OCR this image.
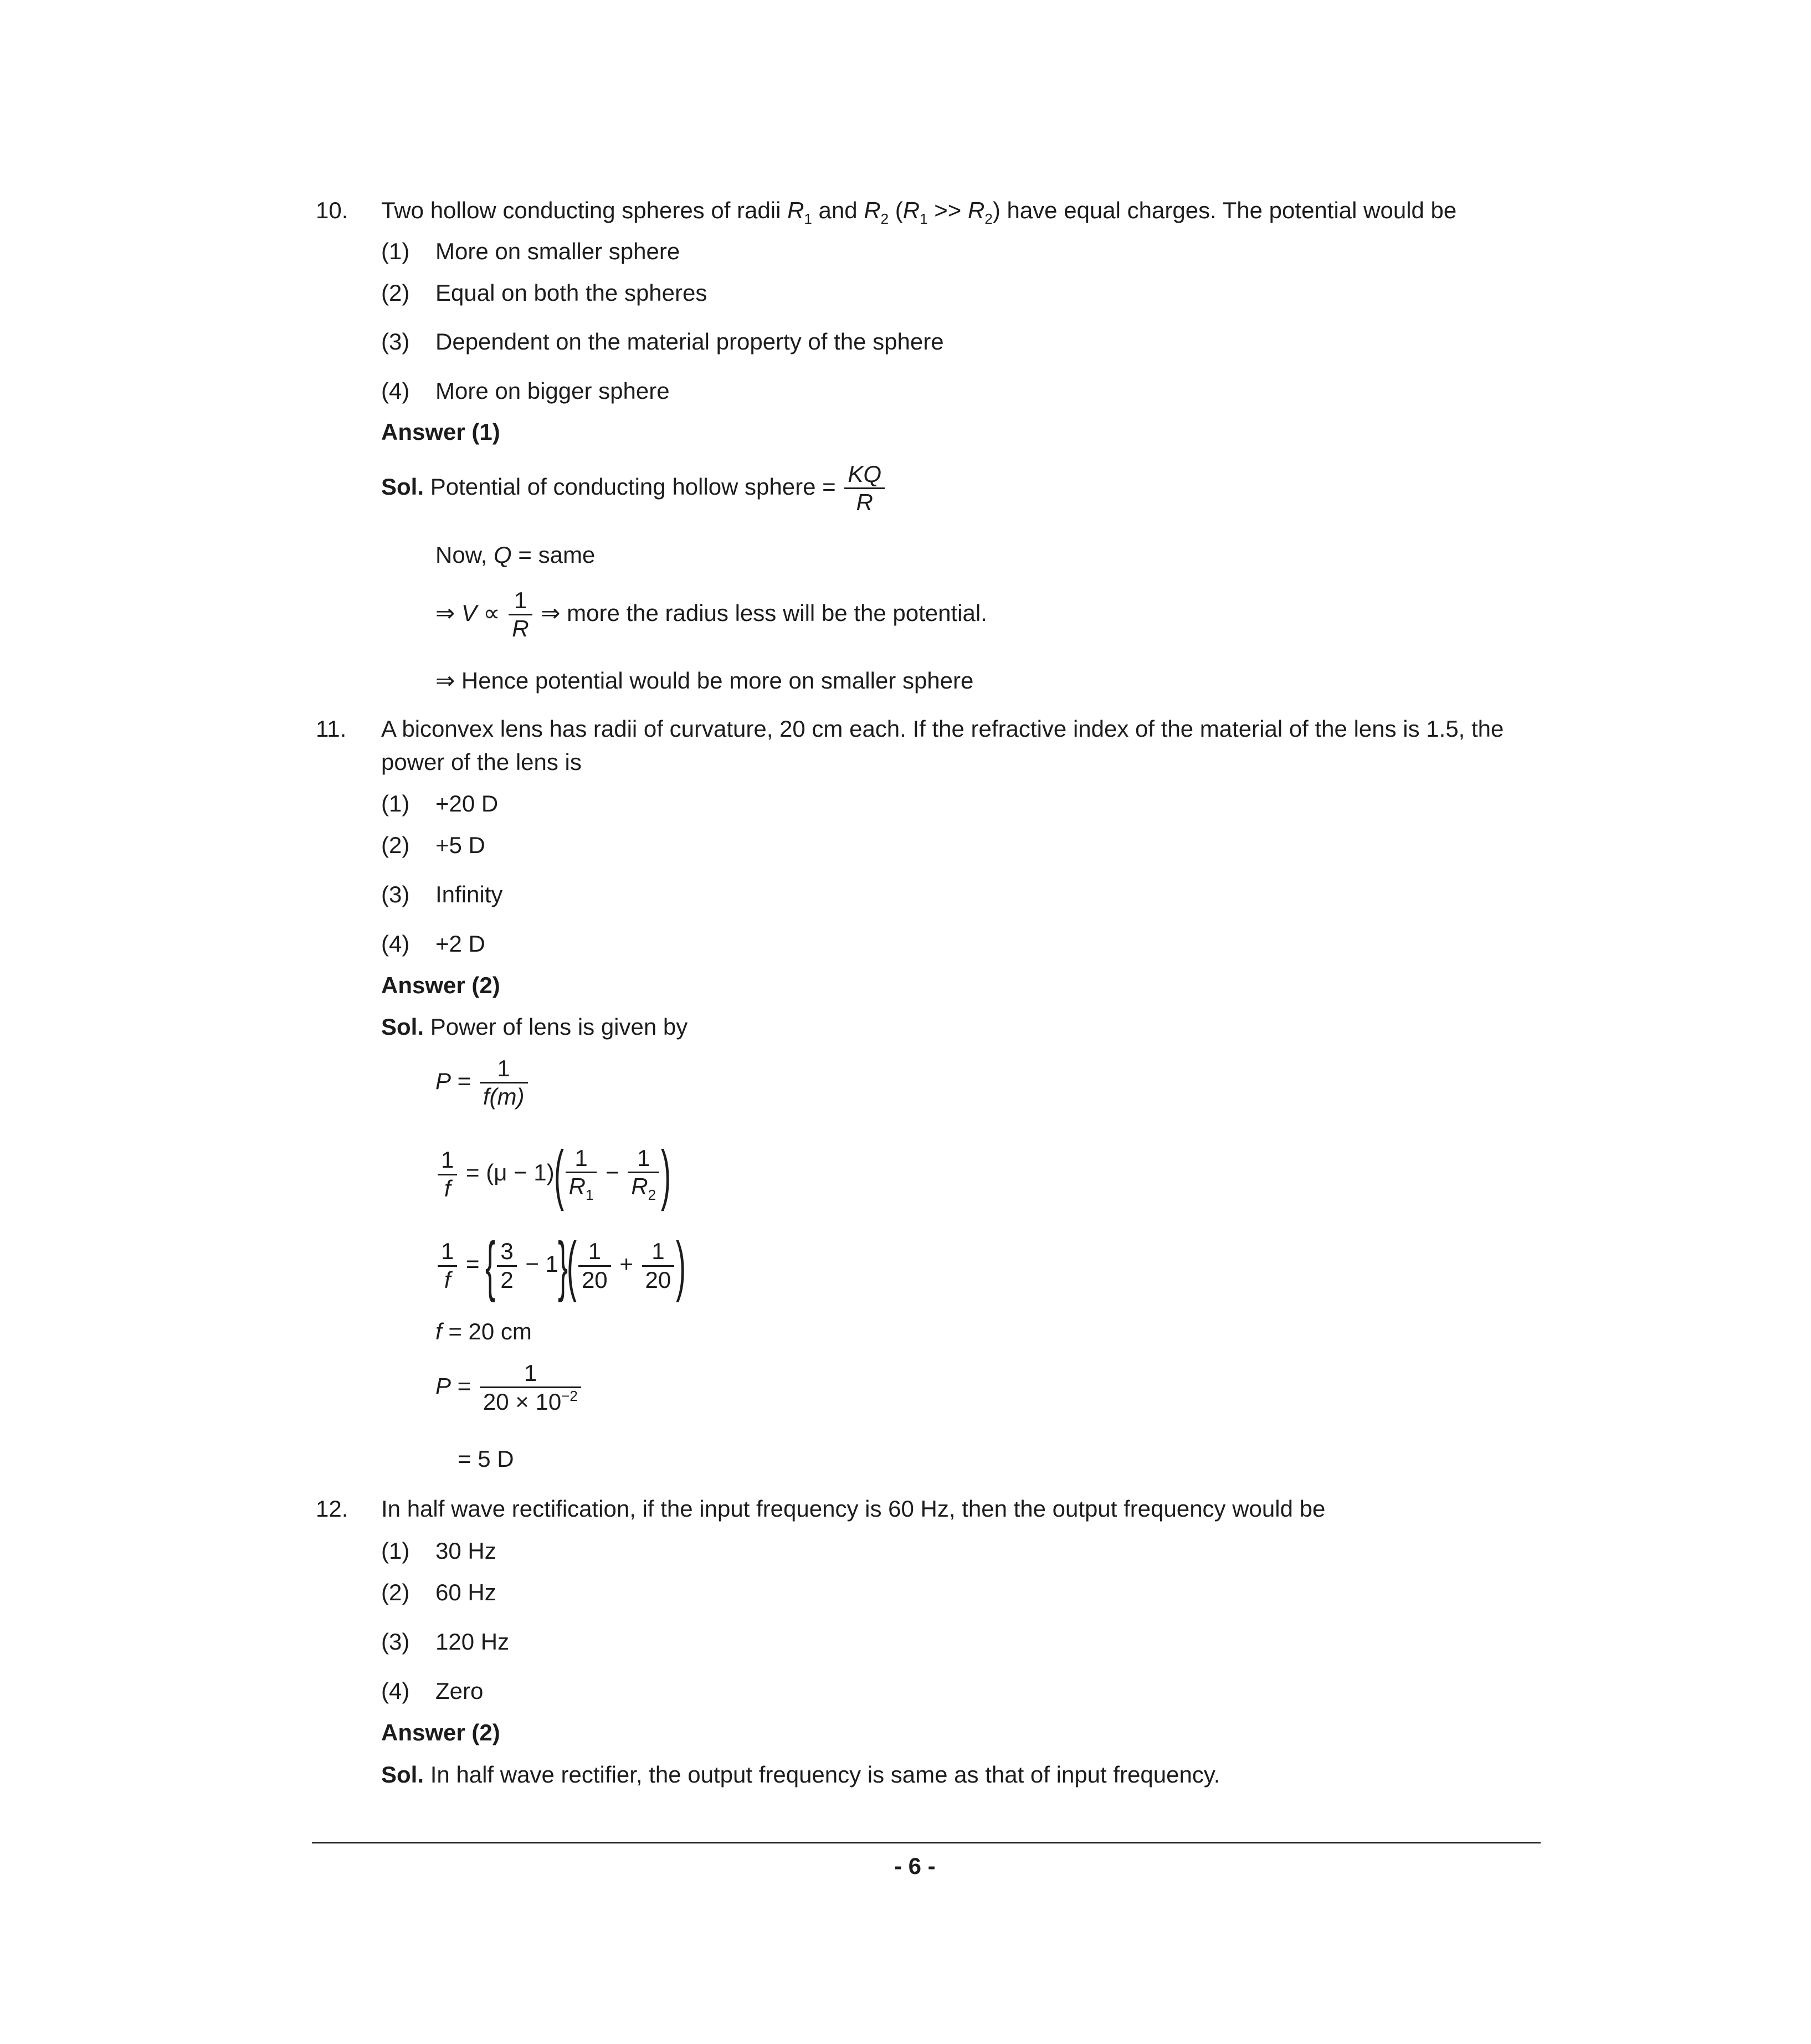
10. Two hollow conducting spheres of radii $R_1$ and $R_2$ $(R_1 >> R_2)$ have equal charges. The potential would be
(1) More on smaller sphere
(2) Equal on both the spheres
(3) Dependent on the material property of the sphere
(4) More on bigger sphere
Answer (1)
Sol. Potential of conducting hollow sphere = $\frac{KQ}{R}$
Now, Q = same
⇒ $V \propto \frac{1}{R}$ ⇒ more the radius less will be the potential.
⇒ Hence potential would be more on smaller sphere
11. A biconvex lens has radii of curvature, 20 cm each. If the refractive index of the material of the lens is 1.5, the
power of the lens is
(1) +20 D
(2) +5 D
(3) Infinity
(4) +2 D
Answer (2)
Sol. Power of lens is given by
$P = \frac{1}{f(m)}$
$\frac{1}{f} = (\mu - 1)( \frac{1}{R_1} - \frac{1}{R_2}$ )
$\frac{1}{f}$ = { $\frac{3}{2} - 1\}( \frac{1}{20} + \frac{1}{20}$ )
f = 20 cm
$P = \frac{1}{20 \times 10^{-2}}$
= 5 D
12. In half wave rectification, if the input frequency is 60 Hz, then the output frequency would be
(1) 30 Hz
(2) 60 Hz
(3) 120 Hz
(4) Zero
Answer (2)
Sol. In half wave rectifier, the output frequency is same as that of input frequency.
- 6 -
